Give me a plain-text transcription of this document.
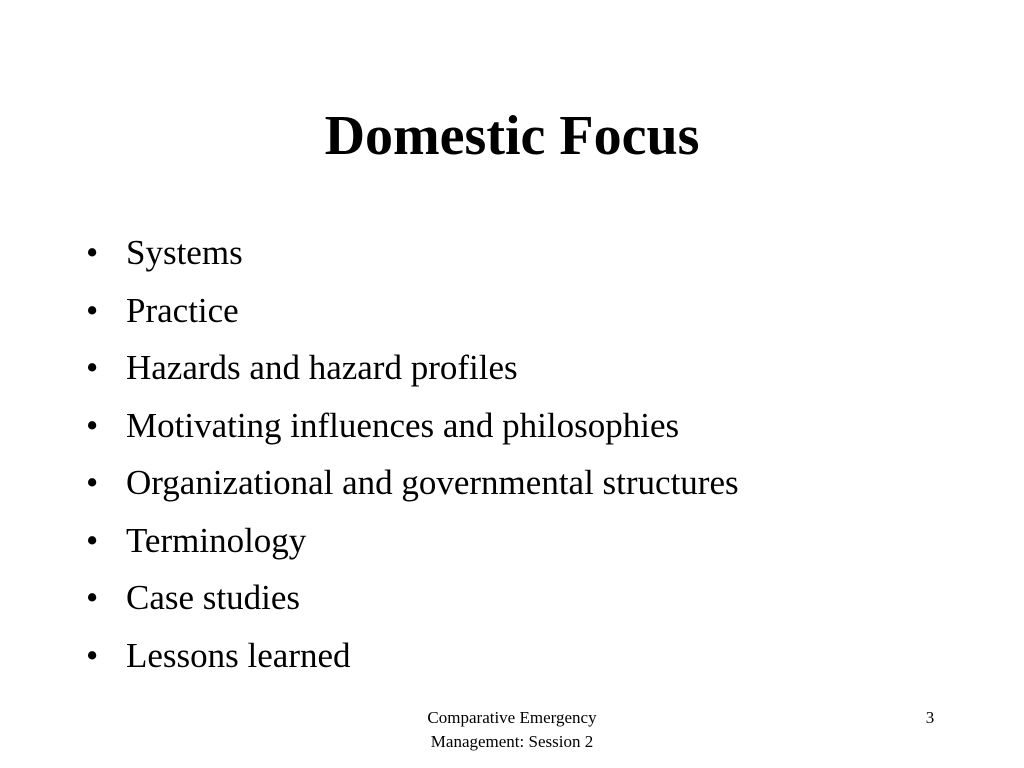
Domestic Focus
• Systems
• Practice
• Hazards and hazard profiles
• Motivating influences and philosophies
• Organizational and governmental structures
• Terminology
• Case studies
• Lessons learned
Comparative Emergency
Management: Session 2
3
